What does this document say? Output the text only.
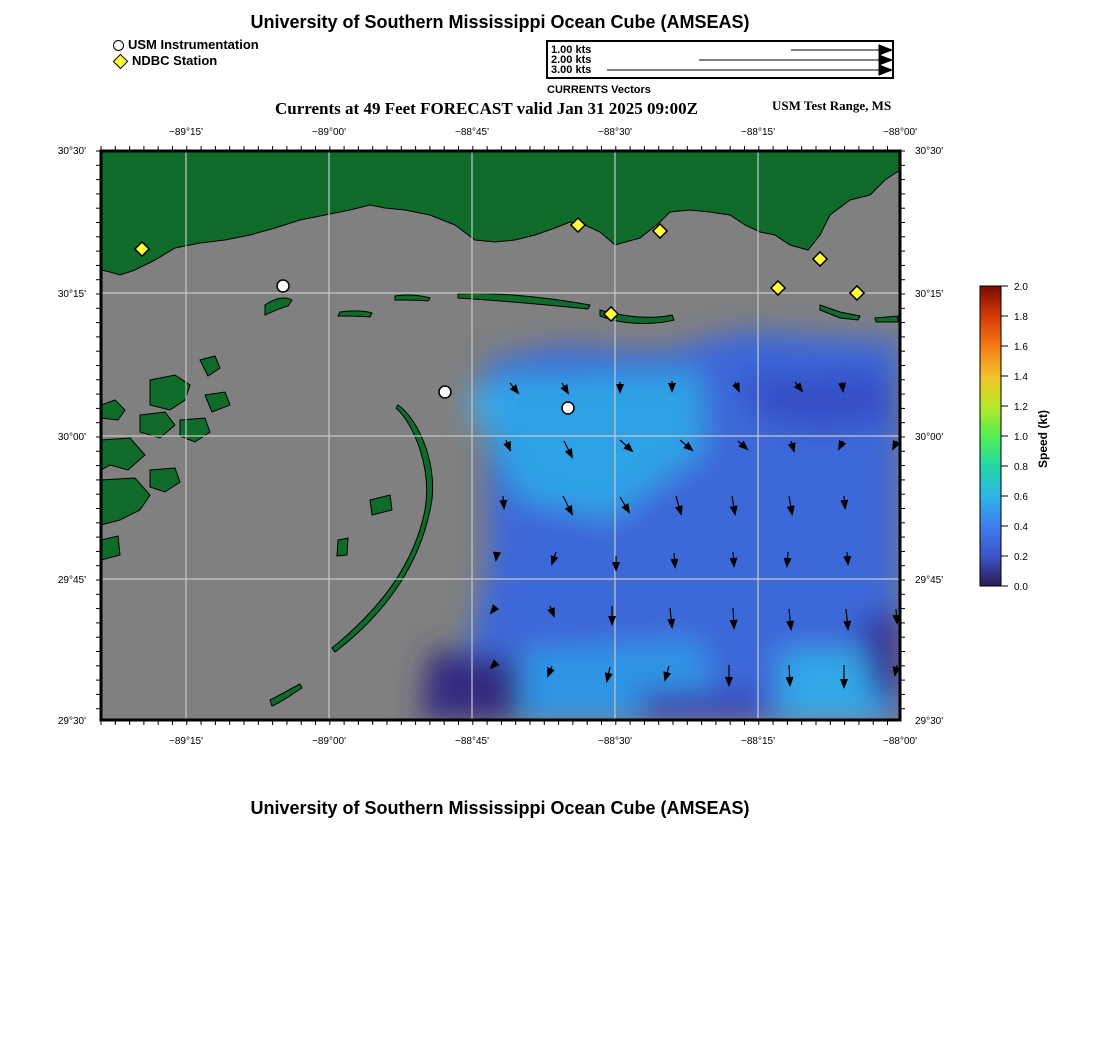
University of Southern Mississippi Ocean Cube (AMSEAS)
USM Instrumentation
NDBC Station
1.00 kts
2.00 kts
3.00 kts
CURRENTS Vectors
Currents at 49 Feet FORECAST valid Jan 31 2025 09:00Z	USM Test Range, MS
−89°15'	−89°00'	−88°45'	−88°30'	−88°15'	−88°00'
−89°15'	−89°00'	−88°45'	−88°30'	−88°15'	−88°00'
30°30'
30°15'
30°00'
29°45'
29°30'
30°30'
30°15'
30°00'
29°45'
29°30'
2.0
1.8
1.6
1.4
1.2
1.0
0.8
0.6
0.4
0.2
0.0
Speed (kt)
University of Southern Mississippi Ocean Cube (AMSEAS)
